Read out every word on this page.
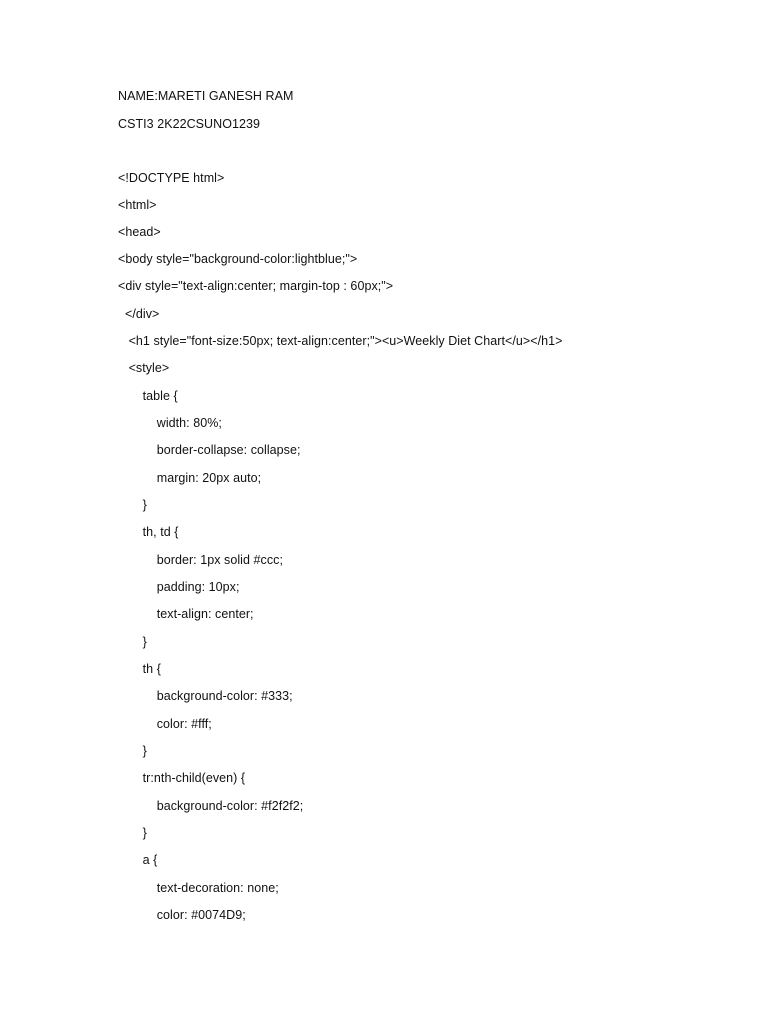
NAME:MARETI GANESH RAM
CSTI3 2K22CSUNO1239
<!DOCTYPE html>
<html>
<head>
<body style="background-color:lightblue;">
<div style="text-align:center; margin-top : 60px;">
</div>
<h1 style="font-size:50px; text-align:center;"><u>Weekly Diet Chart</u></h1>
<style>
table {
width: 80%;
border-collapse: collapse;
margin: 20px auto;
}
th, td {
border: 1px solid #ccc;
padding: 10px;
text-align: center;
}
th {
background-color: #333;
color: #fff;
}
tr:nth-child(even) {
background-color: #f2f2f2;
}
a {
text-decoration: none;
color: #0074D9;
